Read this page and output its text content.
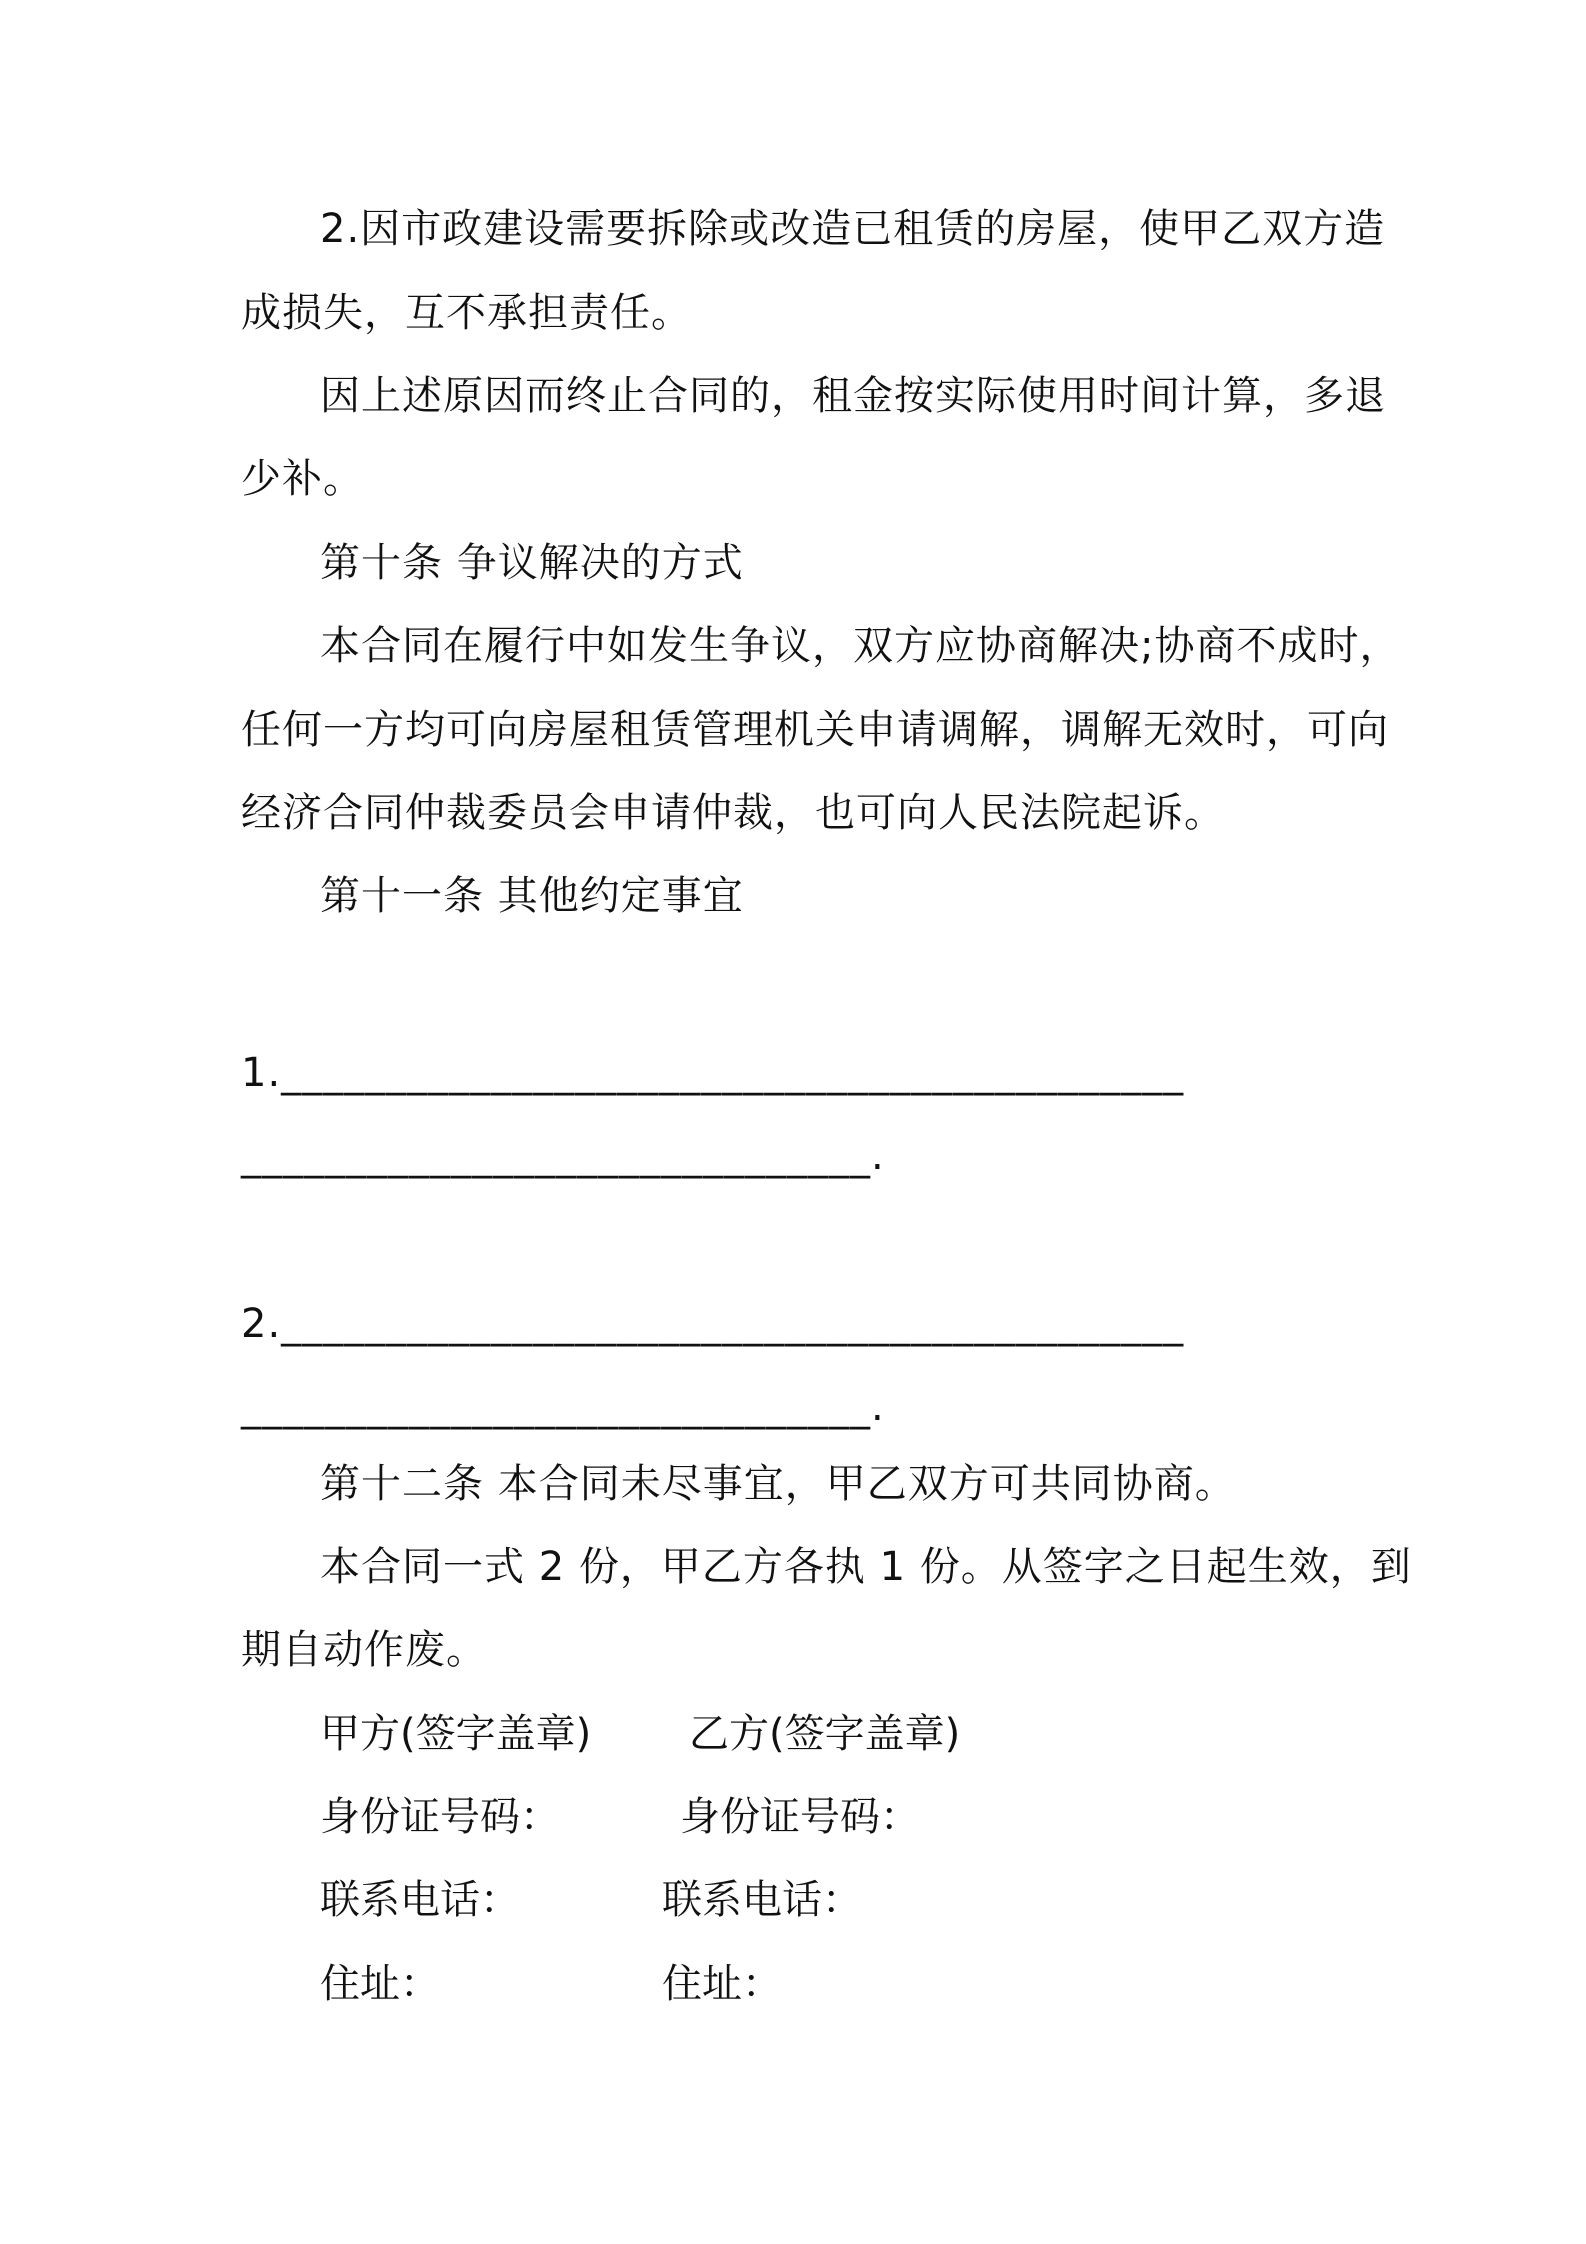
2.因市政建设需要拆除或改造已租赁的房屋，使甲乙双方造
成损失，互不承担责任。
因上述原因而终止合同的，租金按实际使用时间计算，多退
少补。
第十条 争议解决的方式
本合同在履行中如发生争议，双方应协商解决;协商不成时，
任何一方均可向房屋租赁管理机关申请调解，调解无效时，可向
经济合同仲裁委员会申请仲裁，也可向人民法院起诉。
第十一条 其他约定事宜
1.___________________________________________
______________________________.
2.___________________________________________
______________________________.
第十二条 本合同未尽事宜，甲乙双方可共同协商。
本合同一式 2 份，甲乙方各执 1 份。从签字之日起生效，到
期自动作废。
甲方(签字盖章) 乙方(签字盖章)
身份证号码：	身份证号码：
联系电话：	联系电话：
住址：	住址：
